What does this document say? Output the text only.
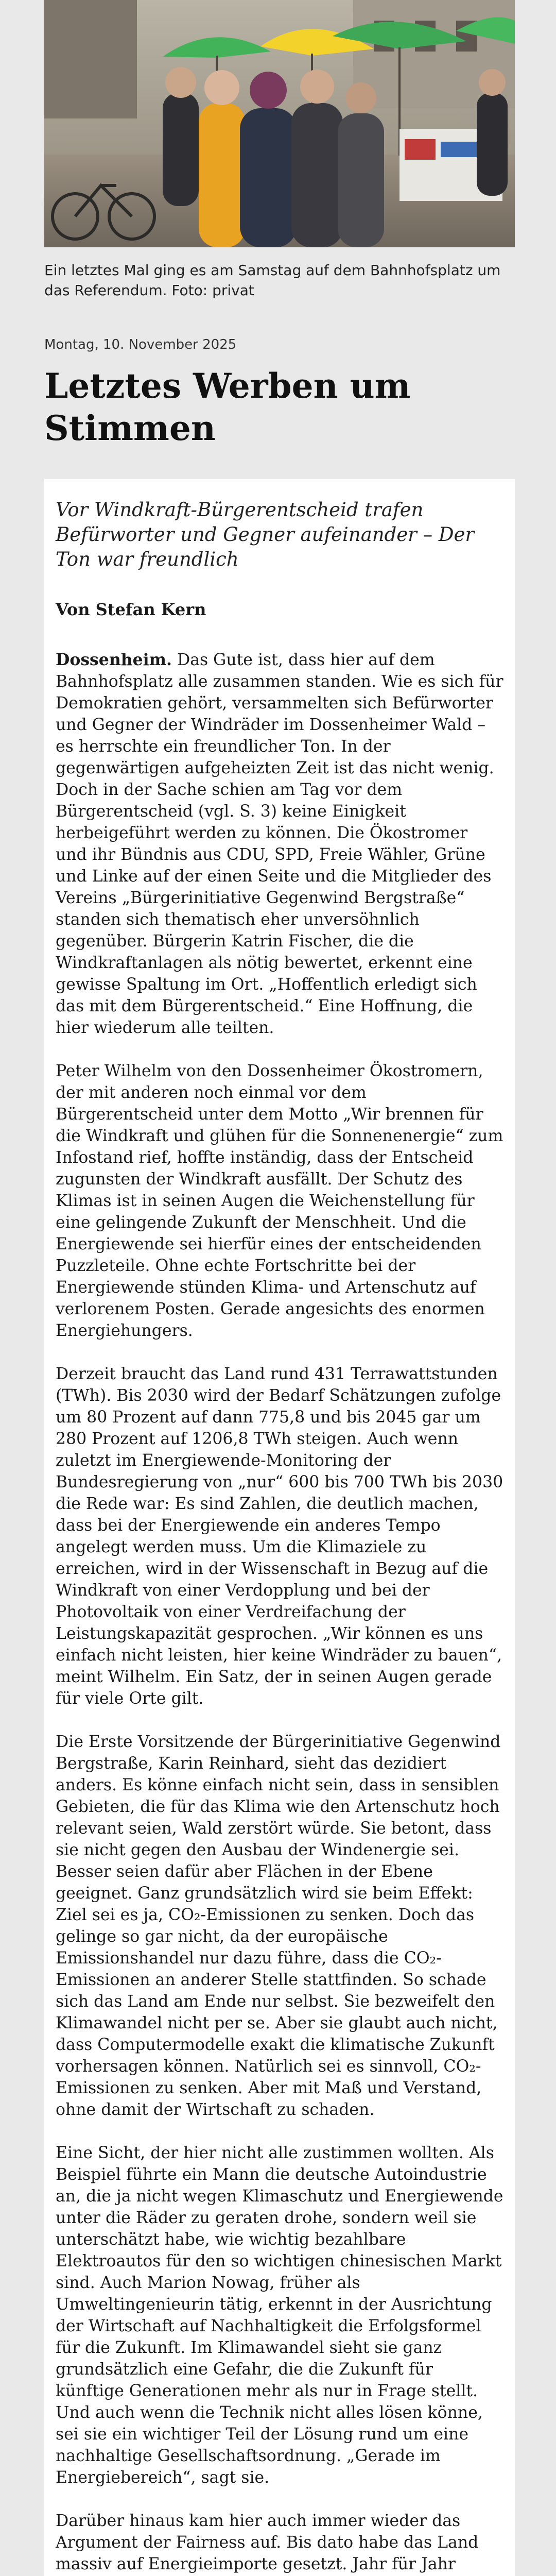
Ein letztes Mal ging es am Samstag auf dem Bahnhofsplatz um das Referendum. Foto: privat
Montag, 10. November 2025
Letztes Werben um Stimmen

Vor Windkraft-Bürgerentscheid trafen Befürworter und Gegner aufeinander – Der Ton war freundlich

Von Stefan Kern

Dossenheim. Das Gute ist, dass hier auf dem Bahnhofsplatz alle zusammen standen. Wie es sich für Demokratien gehört, versammelten sich Befürworter und Gegner der Windräder im Dossenheimer Wald – es herrschte ein freundlicher Ton. In der gegenwärtigen aufgeheizten Zeit ist das nicht wenig. Doch in der Sache schien am Tag vor dem Bürgerentscheid (vgl. S. 3) keine Einigkeit herbeigeführt werden zu können. Die Ökostromer und ihr Bündnis aus CDU, SPD, Freie Wähler, Grüne und Linke auf der einen Seite und die Mitglieder des Vereins „Bürgerinitiative Gegenwind Bergstraße“ standen sich thematisch eher unversöhnlich gegenüber. Bürgerin Katrin Fischer, die die Windkraftanlagen als nötig bewertet, erkennt eine gewisse Spaltung im Ort. „Hoffentlich erledigt sich das mit dem Bürgerentscheid.“ Eine Hoffnung, die hier wiederum alle teilten.

Peter Wilhelm von den Dossenheimer Ökostromern, der mit anderen noch einmal vor dem Bürgerentscheid unter dem Motto „Wir brennen für die Windkraft und glühen für die Sonnenenergie“ zum Infostand rief, hoffte inständig, dass der Entscheid zugunsten der Windkraft ausfällt. Der Schutz des Klimas ist in seinen Augen die Weichenstellung für eine gelingende Zukunft der Menschheit. Und die Energiewende sei hierfür eines der entscheidenden Puzzleteile. Ohne echte Fortschritte bei der Energiewende stünden Klima- und Artenschutz auf verlorenem Posten. Gerade angesichts des enormen Energiehungers.

Derzeit braucht das Land rund 431 Terrawattstunden (TWh). Bis 2030 wird der Bedarf Schätzungen zufolge um 80 Prozent auf dann 775,8 und bis 2045 gar um 280 Prozent auf 1206,8 TWh steigen. Auch wenn zuletzt im Energiewende-Monitoring der Bundesregierung von „nur“ 600 bis 700 TWh bis 2030 die Rede war: Es sind Zahlen, die deutlich machen, dass bei der Energiewende ein anderes Tempo angelegt werden muss. Um die Klimaziele zu erreichen, wird in der Wissenschaft in Bezug auf die Windkraft von einer Verdopplung und bei der Photovoltaik von einer Verdreifachung der Leistungskapazität gesprochen. „Wir können es uns einfach nicht leisten, hier keine Windräder zu bauen“, meint Wilhelm. Ein Satz, der in seinen Augen gerade für viele Orte gilt.

Die Erste Vorsitzende der Bürgerinitiative Gegenwind Bergstraße, Karin Reinhard, sieht das dezidiert anders. Es könne einfach nicht sein, dass in sensiblen Gebieten, die für das Klima wie den Artenschutz hoch relevant seien, Wald zerstört würde. Sie betont, dass sie nicht gegen den Ausbau der Windenergie sei. Besser seien dafür aber Flächen in der Ebene geeignet. Ganz grundsätzlich wird sie beim Effekt: Ziel sei es ja, CO₂-Emissionen zu senken. Doch das gelinge so gar nicht, da der europäische Emissionshandel nur dazu führe, dass die CO₂-Emissionen an anderer Stelle stattfinden. So schade sich das Land am Ende nur selbst. Sie bezweifelt den Klimawandel nicht per se. Aber sie glaubt auch nicht, dass Computermodelle exakt die klimatische Zukunft vorhersagen können. Natürlich sei es sinnvoll, CO₂-Emissionen zu senken. Aber mit Maß und Verstand, ohne damit der Wirtschaft zu schaden.

Eine Sicht, der hier nicht alle zustimmen wollten. Als Beispiel führte ein Mann die deutsche Autoindustrie an, die ja nicht wegen Klimaschutz und Energiewende unter die Räder zu geraten drohe, sondern weil sie unterschätzt habe, wie wichtig bezahlbare Elektroautos für den so wichtigen chinesischen Markt sind. Auch Marion Nowag, früher als Umweltingenieurin tätig, erkennt in der Ausrichtung der Wirtschaft auf Nachhaltigkeit die Erfolgsformel für die Zukunft. Im Klimawandel sieht sie ganz grundsätzlich eine Gefahr, die die Zukunft für künftige Generationen mehr als nur in Frage stellt. Und auch wenn die Technik nicht alles lösen könne, sei sie ein wichtiger Teil der Lösung rund um eine nachhaltige Gesellschaftsordnung. „Gerade im Energiebereich“, sagt sie.

Darüber hinaus kam hier auch immer wieder das Argument der Fairness auf. Bis dato habe das Land massiv auf Energieimporte gesetzt. Jahr für Jahr
